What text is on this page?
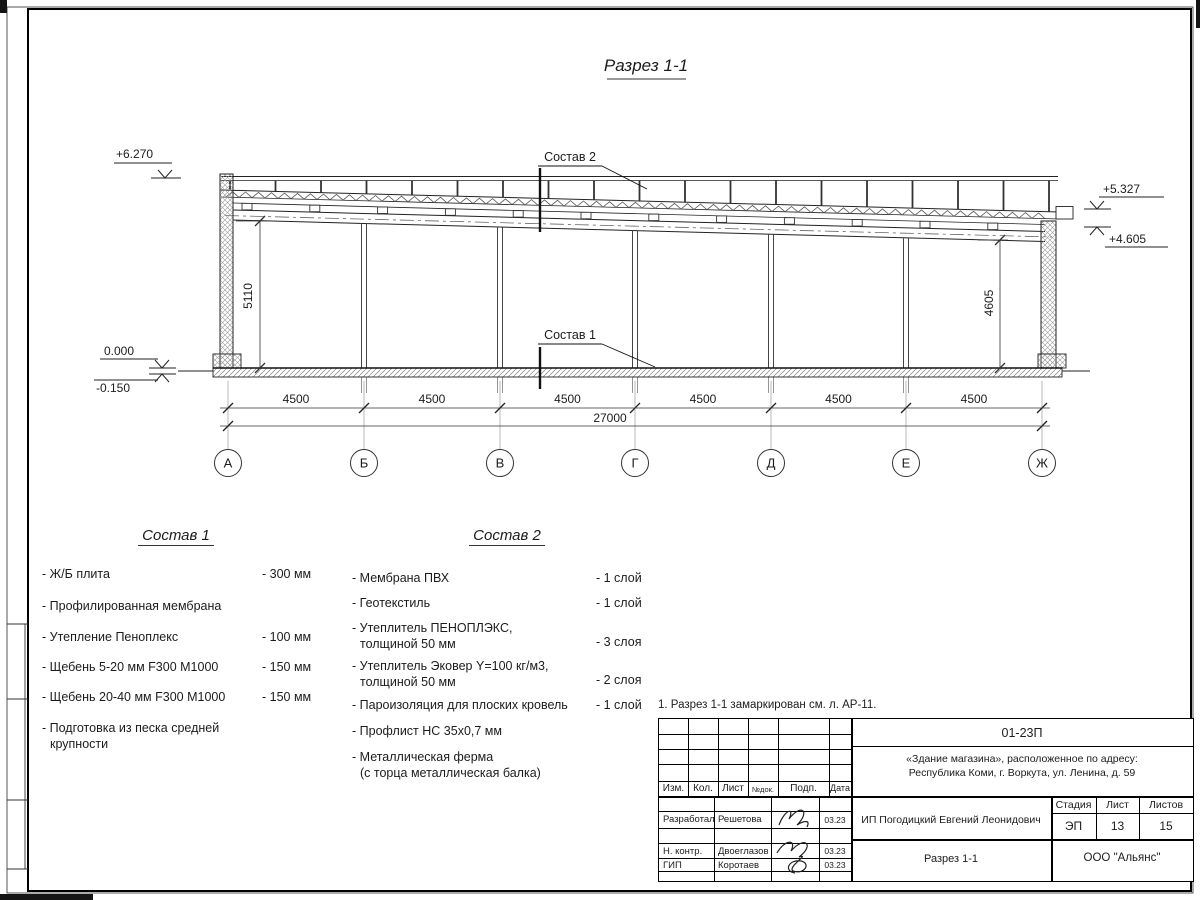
Разрез 1-1
А	Б	В	Г	Д	Е	Ж
4500	4500	4500	4500	4500	4500
27000
5110	4605
+6.270
0.000
-0.150
+5.327
+4.605
Состав 2
Состав 1
Состав 1
- Ж/Б плита	- 300 мм
- Профилированная мембрана
- Утепление Пеноплекс	- 100 мм
- Щебень 5-20 мм F300 М1000	- 150 мм
- Щебень 20-40 мм F300 М1000	- 150 мм
- Подготовка из песка средней
крупности
Состав 2
- Мембрана ПВХ	- 1 слой
- Геотекстиль	- 1 слой
- Утеплитель ПЕНОПЛЭКС,
толщиной 50 мм	- 3 слоя
- Утеплитель Эковер Y=100 кг/м3,
толщиной 50 мм	- 2 слоя
- Пароизоляция для плоских кровель - 1 слой
- Профлист НС 35х0,7 мм
- Металлическая ферма
(с торца металлическая балка)
1. Разрез 1-1 замаркирован см. л. АР-11.
Изм. Кол. Лист	№док.	Подп.	Дата
01-23П
«Здание магазина», расположенное по адресу:
Республика Коми, г. Воркута, ул. Ленина, д. 59
Разработал Решетова	03.23
Н. контр. Двоеглазов	03.23
ГИП	Коротаев	03.23
ИП Погодицкий Евгений Леонидович
Разрез 1-1
Стадия	Лист	Листов
ЭП	13	15
ООО "Альянс"
